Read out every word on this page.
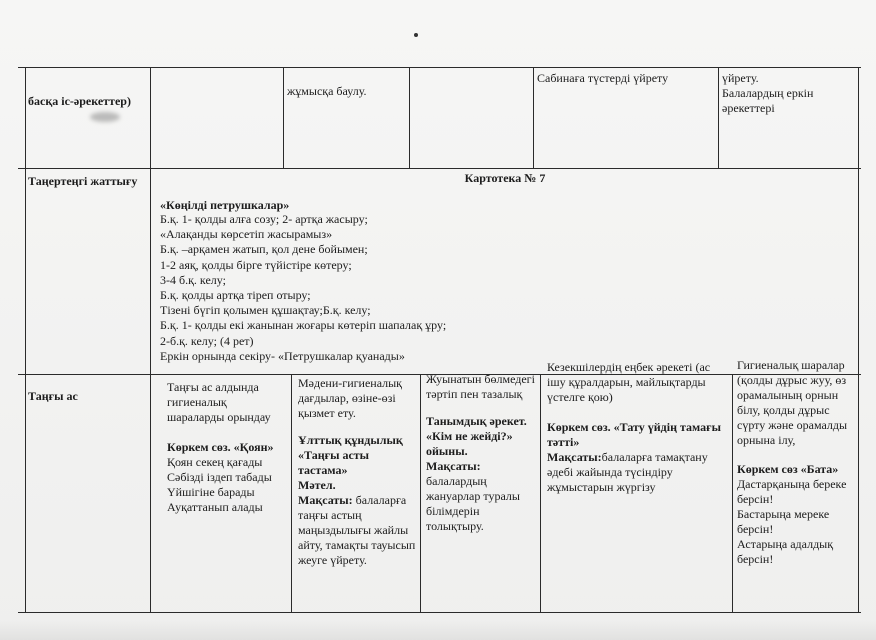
басқа іс-әрекеттер)
жұмысқа баулу.
Сабинаға түстерді үйрету	үйрету.
Балалардың еркін әрекеттері
Таңертеңгі жаттығу	Картотека № 7
«Көңілді петрушкалар»
Б.қ. 1- қолды алға созу; 2- артқа жасыру;
«Алақанды көрсетіп жасырамыз»
Б.қ. –арқамен жатып, қол дене бойымен;
1-2 аяқ, қолды бірге түйістіре көтеру;
3-4 б.қ. келу;
Б.қ. қолды артқа тіреп отыру;
Тізені бүгіп қолымен құшақтау;Б.қ. келу;
Б.қ. 1- қолды екі жанынан жоғары көтеріп шапалақ ұру;
2-б.қ. келу; (4 рет)
Еркін орнында секіру- «Петрушкалар қуанады»
Таңғы ас
Таңғы ас алдында гигиеналық шараларды орындау
Көркем сөз. «Қоян»
Қоян секең қағады
Сәбізді іздеп табады
Үйшігіне барады
Ауқаттанып алады
Мәдени-гигиеналық дағдылар, өзіне-өзі қызмет ету.
Ұлттық құндылық «Таңғы асты тастама»
Мәтел.
Мақсаты: балаларға таңғы астың маңыздылығы жайлы айту, тамақты тауысып жеуге үйрету.
Жуынатын бөлмедегі тәртіп пен тазалық
Танымдық әрекет. «Кім не жейді?» ойыны.
Мақсаты:
балалардың жануарлар туралы білімдерін толықтыру.
Кезекшілердің еңбек әрекеті (ас ішу құралдарын, майлықтарды үстелге қою)
Көркем сөз. «Тату үйдің тамағы тәтті»
Мақсаты:балаларға тамақтану әдебі жайында түсіндіру жұмыстарын жүргізу
Гигиеналық шаралар (қолды дұрыс жуу, өз орамалының орнын білу, қолды дұрыс сүрту және орамалды орнына ілу,
Көркем сөз «Бата»
Дастарқаныңа береке берсін!
Бастарыңа мереке берсін!
Астарыңа адалдық берсін!
